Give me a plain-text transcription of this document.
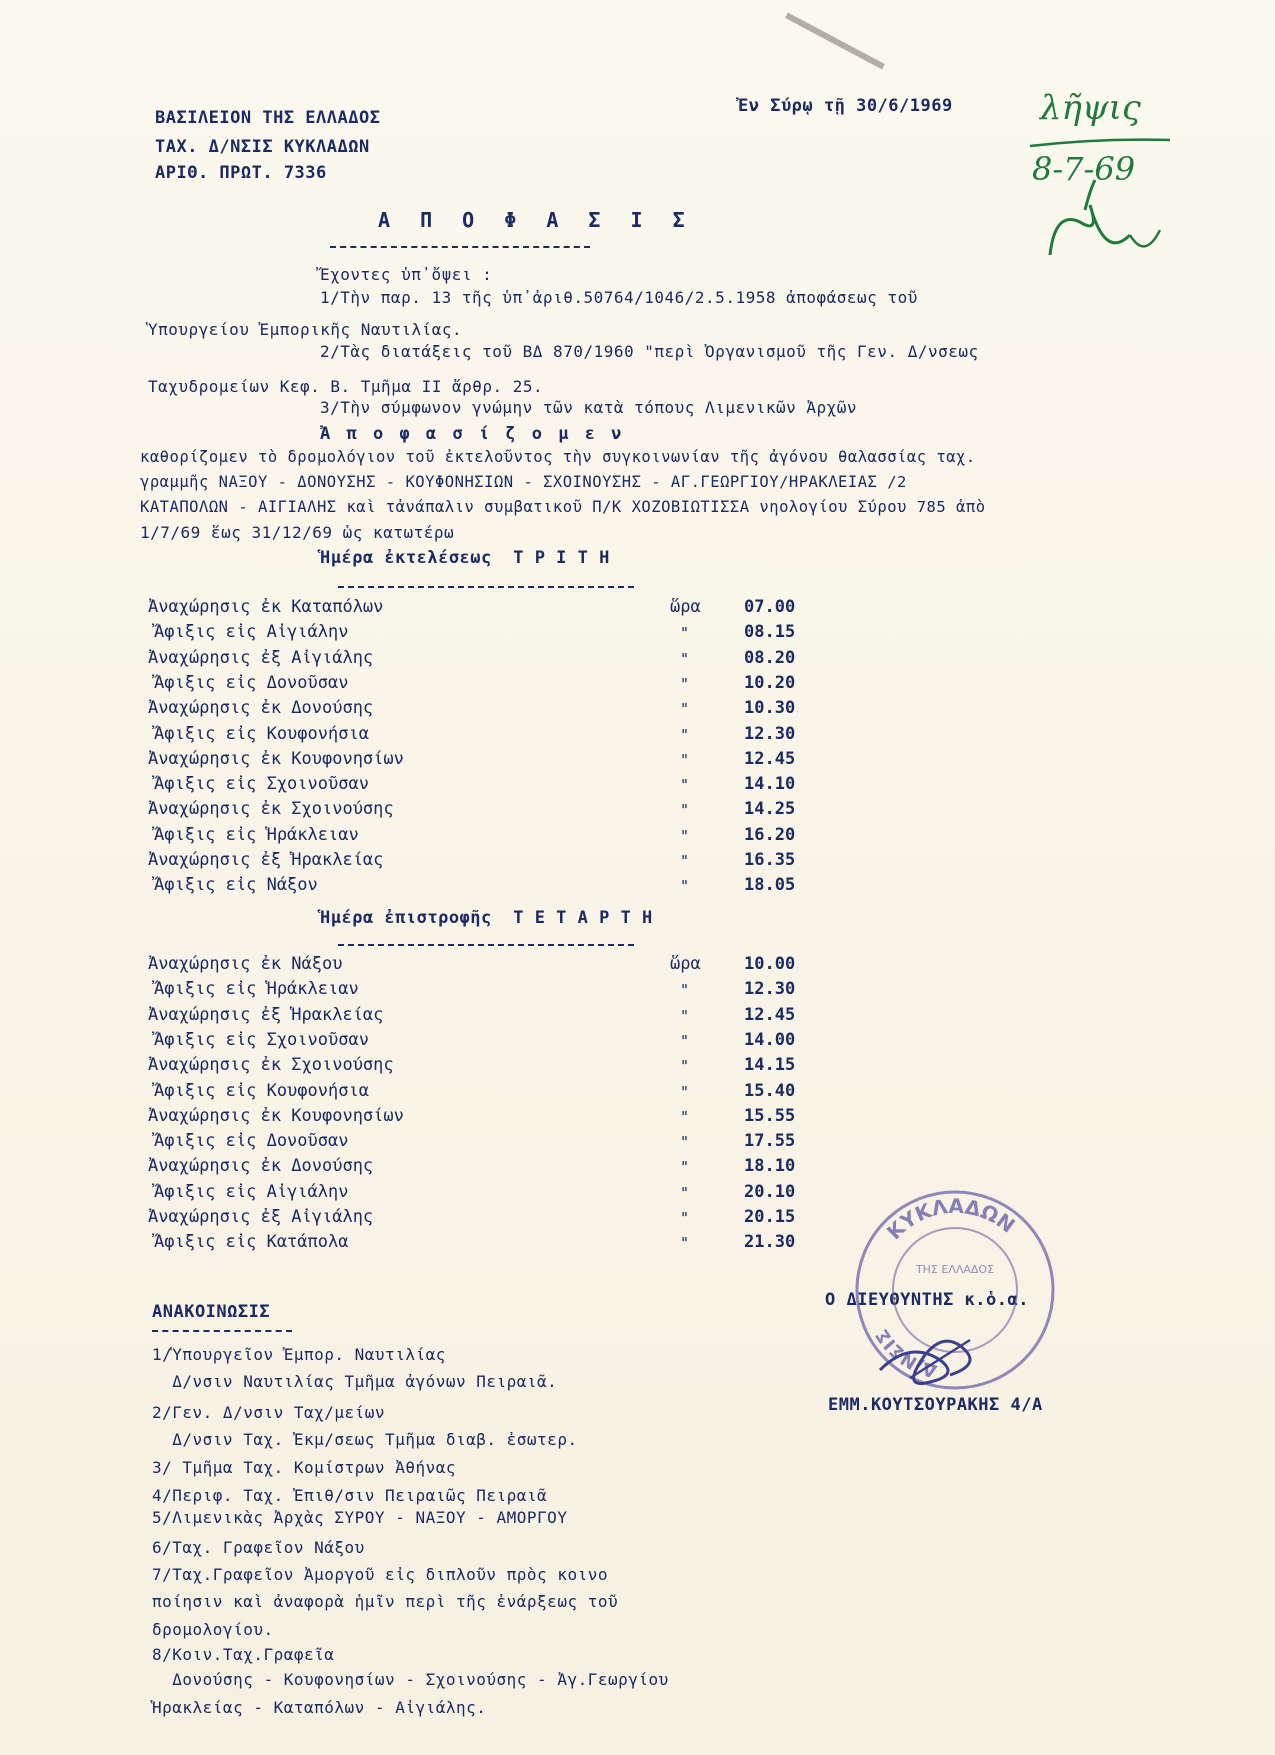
ΒΑΣΙΛΕΙΟΝ ΤΗΣ ΕΛΛΑΔΟΣ
ΤΑΧ. Δ/ΝΣΙΣ ΚΥΚΛΑΔΩΝ
ΑΡΙΘ. ΠΡΩΤ. 7336
Ἐν Σύρῳ τῇ 30/6/1969	λῆψις
8-7-69
Α Π Ο Φ Α Σ Ι Σ
Ἔχοντες ὑπ᾽ὄψει :
1/Τὴν παρ. 13 τῆς ὑπ᾽ἀριθ.50764/1046/2.5.1958 ἀποφάσεως τοῦ
Ὑπουργείου Ἐμπορικῆς Ναυτιλίας.
2/Τὰς διατάξεις τοῦ ΒΔ 870/1960 "περὶ Ὀργανισμοῦ τῆς Γεν. Δ/νσεως
Ταχυδρομείων Κεφ. Β. Τμῆμα ΙΙ ἄρθρ. 25.
3/Τὴν σύμφωνον γνώμην τῶν κατὰ τόπους Λιμενικῶν Ἀρχῶν
Ἀ π ο φ α σ ί ζ ο μ ε ν
καθορίζομεν τὸ δρομολόγιον τοῦ ἐκτελοῦντος τὴν συγκοινωνίαν τῆς ἀγόνου θαλασσίας ταχ.
γραμμῆς ΝΑΞΟΥ - ΔΟΝΟΥΣΗΣ - ΚΟΥΦΟΝΗΣΙΩΝ - ΣΧΟΙΝΟΥΣΗΣ - ΑΓ.ΓΕΩΡΓΙΟΥ/ΗΡΑΚΛΕΙΑΣ /2
ΚΑΤΑΠΟΛΩΝ - ΑΙΓΙΑΛΗΣ καὶ τἀνάπαλιν συμβατικοῦ Π/Κ ΧΟΖΟΒΙΩΤΙΣΣΑ νηολογίου Σύρου 785 ἀπὸ
1/7/69 ἕως 31/12/69 ὡς κατωτέρω
Ἡμέρα ἐκτελέσεως  Τ Ρ Ι Τ Η
Ἀναχώρησις ἐκ Καταπόλων	ὥρα	07.00
Ἄφιξις εἰς Αἰγιάλην	"	08.15
Ἀναχώρησις ἐξ Αἰγιάλης	"	08.20
Ἄφιξις εἰς Δονοῦσαν	"	10.20
Ἀναχώρησις ἐκ Δονούσης	"	10.30
Ἄφιξις εἰς Κουφονήσια	"	12.30
Ἀναχώρησις ἐκ Κουφονησίων	"	12.45
Ἄφιξις εἰς Σχοινοῦσαν	"	14.10
Ἀναχώρησις ἐκ Σχοινούσης	"	14.25
Ἄφιξις εἰς Ἡράκλειαν	"	16.20
Ἀναχώρησις ἐξ Ἡρακλείας	"	16.35
Ἄφιξις εἰς Νάξον	"	18.05
Ἡμέρα ἐπιστροφῆς  Τ Ε Τ Α Ρ Τ Η
Ἀναχώρησις ἐκ Νάξου	ὥρα	10.00
Ἄφιξις εἰς Ἡράκλειαν	"	12.30
Ἀναχώρησις ἐξ Ἡρακλείας	"	12.45
Ἄφιξις εἰς Σχοινοῦσαν	"	14.00
Ἀναχώρησις ἐκ Σχοινούσης	"	14.15
Ἄφιξις εἰς Κουφονήσια	"	15.40
Ἀναχώρησις ἐκ Κουφονησίων	"	15.55
Ἄφιξις εἰς Δονοῦσαν	"	17.55
Ἀναχώρησις ἐκ Δονούσης	"	18.10
Ἄφιξις εἰς Αἰγιάλην	"	20.10
Ἀναχώρησις ἐξ Αἰγιάλης	"	20.15
Ἄφιξις εἰς Κατάπολα	"	21.30
ΑΝΑΚΟΙΝΩΣΙΣ
1/Ὑπουργεῖον Ἐμπορ. Ναυτιλίας
Δ/νσιν Ναυτιλίας Τμῆμα ἀγόνων Πειραιᾶ.
2/Γεν. Δ/νσιν Ταχ/μείων
Δ/νσιν Ταχ. Ἐκμ/σεως Τμῆμα διαβ. ἐσωτερ.
3/ Τμῆμα Ταχ. Κομίστρων Ἀθήνας
4/Περιφ. Ταχ. Ἐπιθ/σιν Πειραιῶς Πειραιᾶ
5/Λιμενικὰς Ἀρχὰς ΣΥΡΟΥ - ΝΑΞΟΥ - ΑΜΟΡΓΟΥ
6/Ταχ. Γραφεῖον Νάξου
7/Ταχ.Γραφεῖον Ἀμοργοῦ εἰς διπλοῦν πρὸς κοινο
ποίησιν καὶ ἀναφορὰ ἡμῖν περὶ τῆς ἐνάρξεως τοῦ
δρομολογίου.
8/Κοιν.Ταχ.Γραφεῖα
Δονούσης - Κουφονησίων - Σχοινούσης - Ἀγ.Γεωργίου
Ἡρακλείας - Καταπόλων - Αἰγιάλης.
Ο ΔΙΕΥΘΥΝΤΗΣ κ.ὁ.α.
ΕΜΜ.ΚΟΥΤΣΟΥΡΑΚΗΣ 4/Α
ΚΥΚΛΑΔΩΝ
Δ/ΝΣΙΣ
ΤΗΣ ΕΛΛΑΔΟΣ
